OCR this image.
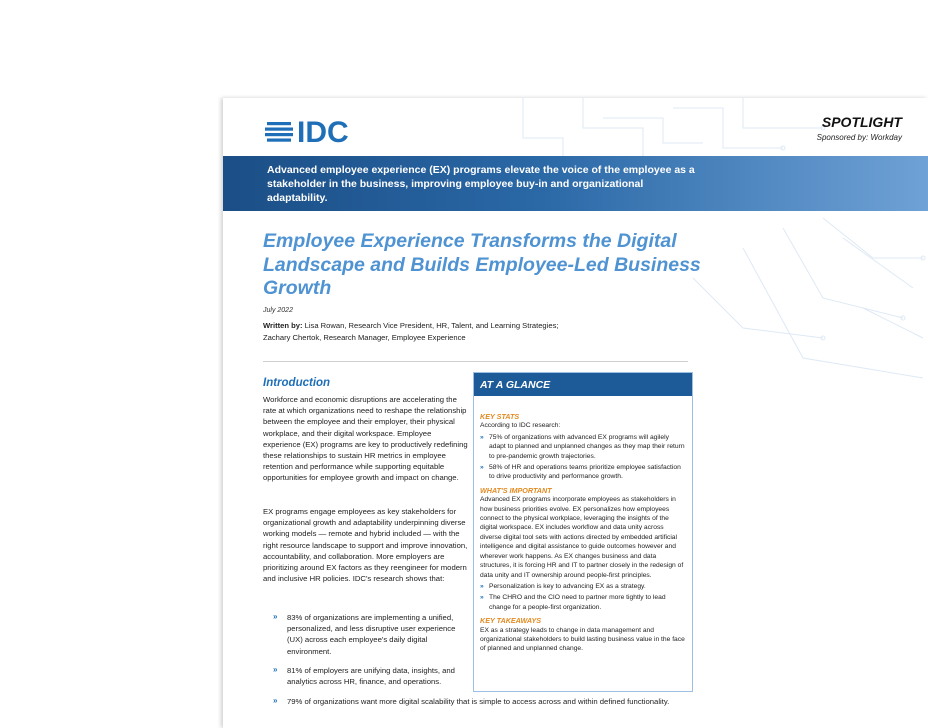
IDC	SPOTLIGHT
Sponsored by: Workday
Advanced employee experience (EX) programs elevate the voice of the employee as a stakeholder in the business, improving employee buy-in and organizational adaptability.
Employee Experience Transforms the Digital Landscape and Builds Employee-Led Business Growth
July 2022
Written by: Lisa Rowan, Research Vice President, HR, Talent, and Learning Strategies;
Zachary Chertok, Research Manager, Employee Experience
Introduction
Workforce and economic disruptions are accelerating the rate at which organizations need to reshape the relationship between the employee and their employer, their physical workplace, and their digital workspace. Employee experience (EX) programs are key to productively redefining these relationships to sustain HR metrics in employee retention and performance while supporting equitable opportunities for employee growth and impact on change.
EX programs engage employees as key stakeholders for organizational growth and adaptability underpinning diverse working models — remote and hybrid included — with the right resource landscape to support and improve innovation, accountability, and collaboration. More employers are prioritizing around EX factors as they reengineer for modern and inclusive HR policies. IDC's research shows that:
»	83% of organizations are implementing a unified, personalized, and less disruptive user experience (UX) across each employee's daily digital environment.
»	81% of employers are unifying data, insights, and analytics across HR, finance, and operations.
»	79% of organizations want more digital scalability that is simple to access across and within defined functionality.
AT A GLANCE
KEY STATS
According to IDC research:
» 75% of organizations with advanced EX programs will agilely adapt to planned and unplanned changes as they map their return to pre-pandemic growth trajectories.
» 58% of HR and operations teams prioritize employee satisfaction to drive productivity and performance growth.
WHAT'S IMPORTANT
Advanced EX programs incorporate employees as stakeholders in how business priorities evolve. EX personalizes how employees connect to the physical workplace, leveraging the insights of the digital workspace. EX includes workflow and data unity across diverse digital tool sets with actions directed by embedded artificial intelligence and digital assistance to guide outcomes however and wherever work happens. As EX changes business and data structures, it is forcing HR and IT to partner closely in the redesign of data unity and IT ownership around people-first principles.
» Personalization is key to advancing EX as a strategy.
» The CHRO and the CIO need to partner more tightly to lead change for a people-first organization.
KEY TAKEAWAYS
EX as a strategy leads to change in data management and organizational stakeholders to build lasting business value in the face of planned and unplanned change.
